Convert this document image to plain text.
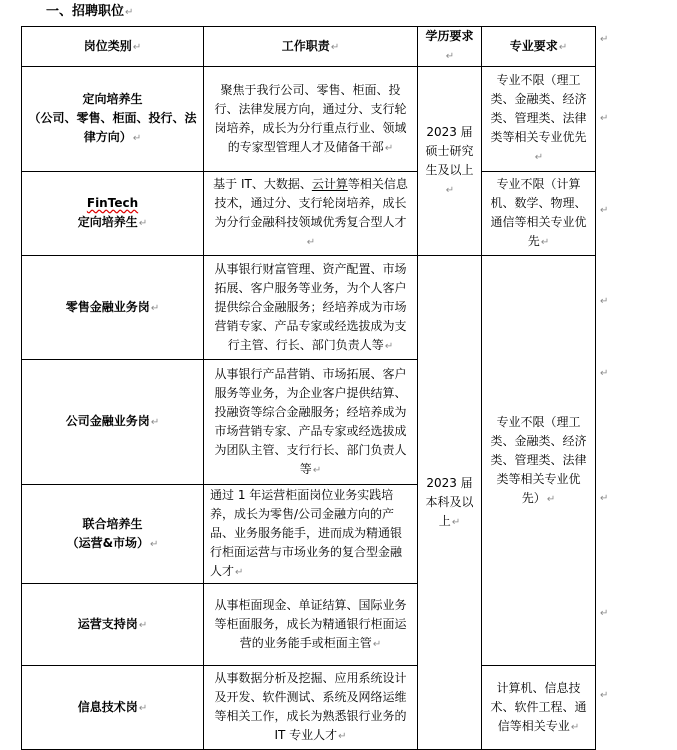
一、招聘职位↵
岗位类别↵	工作职责↵	学历要求↵	专业要求↵
定向培养生
（公司、零售、柜面、投行、法律方向）↵	聚焦于我行公司、零售、柜面、投行、法律发展方向，通过分、支行轮岗培养，成长为分行重点行业、领域的专家型管理人才及储备干部↵	2023 届硕士研究生及以上↵	专业不限（理工类、金融类、经济类、管理类、法律类等相关专业优先↵
FinTech
定向培养生↵	基于 IT、大数据、云计算等相关信息技术，通过分、支行轮岗培养，成长为分行金融科技领域优秀复合型人才↵		专业不限（计算机、数学、物理、通信等相关专业优先↵
零售金融业务岗↵	从事银行财富管理、资产配置、市场拓展、客户服务等业务，为个人客户提供综合金融服务；经培养成为市场营销专家、产品专家或经选拔成为支行主管、行长、部门负责人等↵	2023 届本科及以上↵	专业不限（理工类、金融类、经济类、管理类、法律类等相关专业优先）↵
公司金融业务岗↵	从事银行产品营销、市场拓展、客户服务等业务，为企业客户提供结算、投融资等综合金融服务；经培养成为市场营销专家、产品专家或经选拔成为团队主管、支行行长、部门负责人等↵		
联合培养生
（运营&市场）↵	通过 1 年运营柜面岗位业务实践培养，成长为零售/公司金融方向的产品、业务服务能手，进而成为精通银行柜面运营与市场业务的复合型金融人才↵		
运营支持岗↵	从事柜面现金、单证结算、国际业务等柜面服务，成长为精通银行柜面运营的业务能手或柜面主管↵		
信息技术岗↵	从事数据分析及挖掘、应用系统设计及开发、软件测试、系统及网络运维等相关工作，成长为熟悉银行业务的 IT 专业人才↵		计算机、信息技术、软件工程、通信等相关专业↵
↵
↵
↵
↵
↵
↵
↵
↵
